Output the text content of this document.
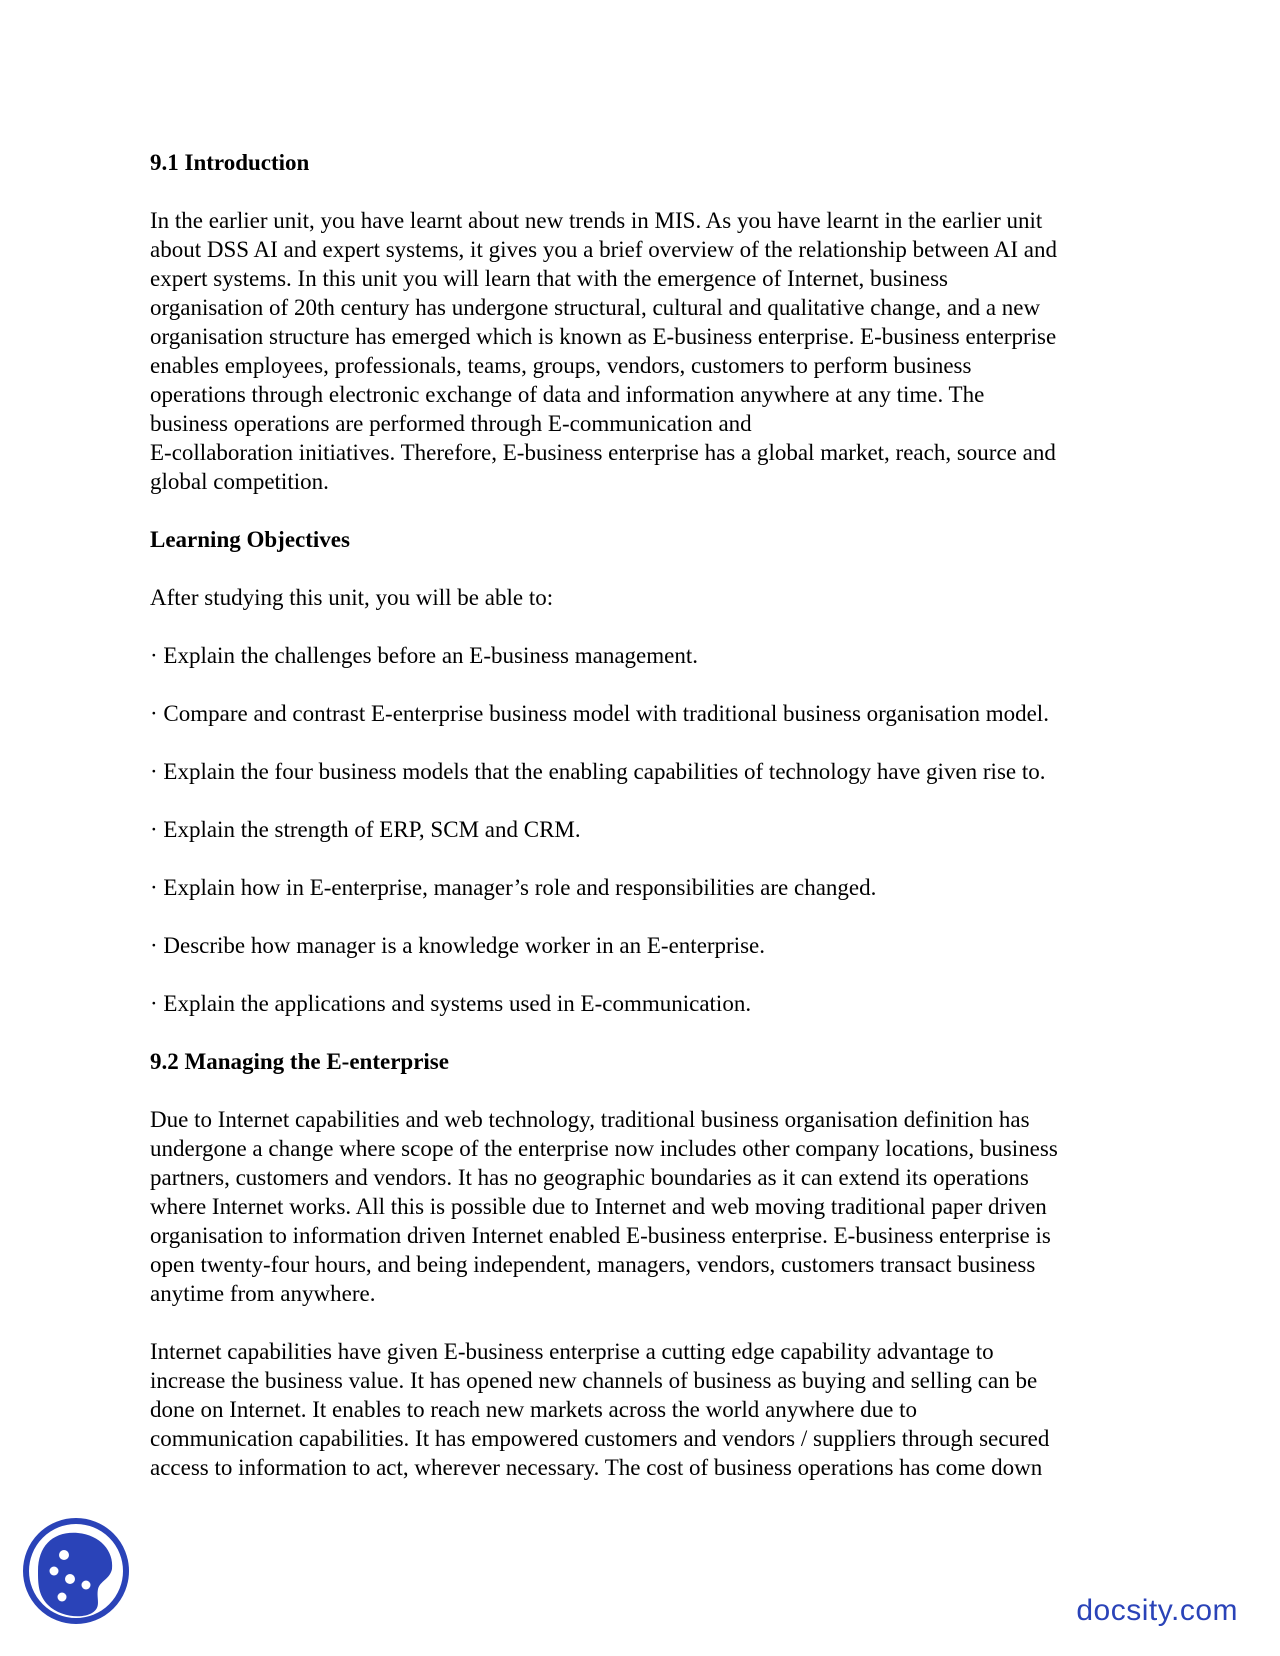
9.1 Introduction
In the earlier unit, you have learnt about new trends in MIS. As you have learnt in the earlier unit
about DSS AI and expert systems, it gives you a brief overview of the relationship between AI and
expert systems. In this unit you will learn that with the emergence of Internet, business
organisation of 20th century has undergone structural, cultural and qualitative change, and a new
organisation structure has emerged which is known as E-business enterprise. E-business enterprise
enables employees, professionals, teams, groups, vendors, customers to perform business
operations through electronic exchange of data and information anywhere at any time. The
business operations are performed through E-communication and
E-collaboration initiatives. Therefore, E-business enterprise has a global market, reach, source and
global competition.
Learning Objectives
After studying this unit, you will be able to:
· Explain the challenges before an E-business management.
· Compare and contrast E-enterprise business model with traditional business organisation model.
· Explain the four business models that the enabling capabilities of technology have given rise to.
· Explain the strength of ERP, SCM and CRM.
· Explain how in E-enterprise, manager’s role and responsibilities are changed.
· Describe how manager is a knowledge worker in an E-enterprise.
· Explain the applications and systems used in E-communication.
9.2 Managing the E-enterprise
Due to Internet capabilities and web technology, traditional business organisation definition has
undergone a change where scope of the enterprise now includes other company locations, business
partners, customers and vendors. It has no geographic boundaries as it can extend its operations
where Internet works. All this is possible due to Internet and web moving traditional paper driven
organisation to information driven Internet enabled E-business enterprise. E-business enterprise is
open twenty-four hours, and being independent, managers, vendors, customers transact business
anytime from anywhere.
Internet capabilities have given E-business enterprise a cutting edge capability advantage to
increase the business value. It has opened new channels of business as buying and selling can be
done on Internet. It enables to reach new markets across the world anywhere due to
communication capabilities. It has empowered customers and vendors / suppliers through secured
access to information to act, wherever necessary. The cost of business operations has come down
docsity.com
